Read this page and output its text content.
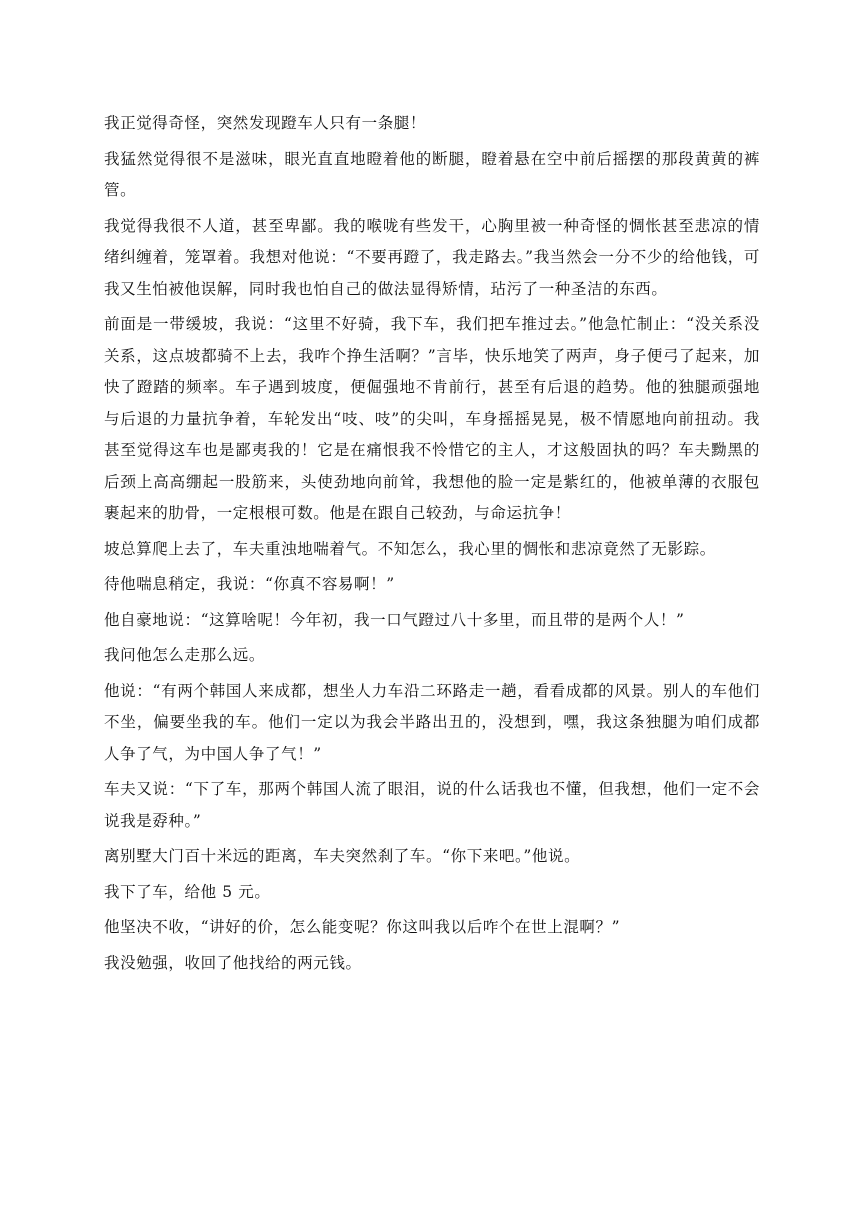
我正觉得奇怪，突然发现蹬车人只有一条腿！

我猛然觉得很不是滋味，眼光直直地瞪着他的断腿，瞪着悬在空中前后摇摆的那段黄黄的裤管。

我觉得我很不人道，甚至卑鄙。我的喉咙有些发干，心胸里被一种奇怪的惆怅甚至悲凉的情绪纠缠着，笼罩着。我想对他说：“不要再蹬了，我走路去。”我当然会一分不少的给他钱，可我又生怕被他误解，同时我也怕自己的做法显得矫情，玷污了一种圣洁的东西。

前面是一带缓坡，我说：“这里不好骑，我下车，我们把车推过去。”他急忙制止：“没关系没关系，这点坡都骑不上去，我咋个挣生活啊？”言毕，快乐地笑了两声，身子便弓了起来，加快了蹬踏的频率。车子遇到坡度，便倔强地不肯前行，甚至有后退的趋势。他的独腿顽强地与后退的力量抗争着，车轮发出“吱、吱”的尖叫，车身摇摇晃晃，极不情愿地向前扭动。我甚至觉得这车也是鄙夷我的！它是在痛恨我不怜惜它的主人，才这般固执的吗？车夫黝黑的后颈上高高绷起一股筋来，头使劲地向前耸，我想他的脸一定是紫红的，他被单薄的衣服包裹起来的肋骨，一定根根可数。他是在跟自己较劲，与命运抗争！

坡总算爬上去了，车夫重浊地喘着气。不知怎么，我心里的惆怅和悲凉竟然了无影踪。

待他喘息稍定，我说：“你真不容易啊！”

他自豪地说：“这算啥呢！今年初，我一口气蹬过八十多里，而且带的是两个人！”

我问他怎么走那么远。

他说：“有两个韩国人来成都，想坐人力车沿二环路走一趟，看看成都的风景。别人的车他们不坐，偏要坐我的车。他们一定以为我会半路出丑的，没想到，嘿，我这条独腿为咱们成都人争了气，为中国人争了气！”

车夫又说：“下了车，那两个韩国人流了眼泪，说的什么话我也不懂，但我想，他们一定不会说我是孬种。”

离别墅大门百十米远的距离，车夫突然刹了车。“你下来吧。”他说。

我下了车，给他 5 元。

他坚决不收，“讲好的价，怎么能变呢？你这叫我以后咋个在世上混啊？”

我没勉强，收回了他找给的两元钱。
